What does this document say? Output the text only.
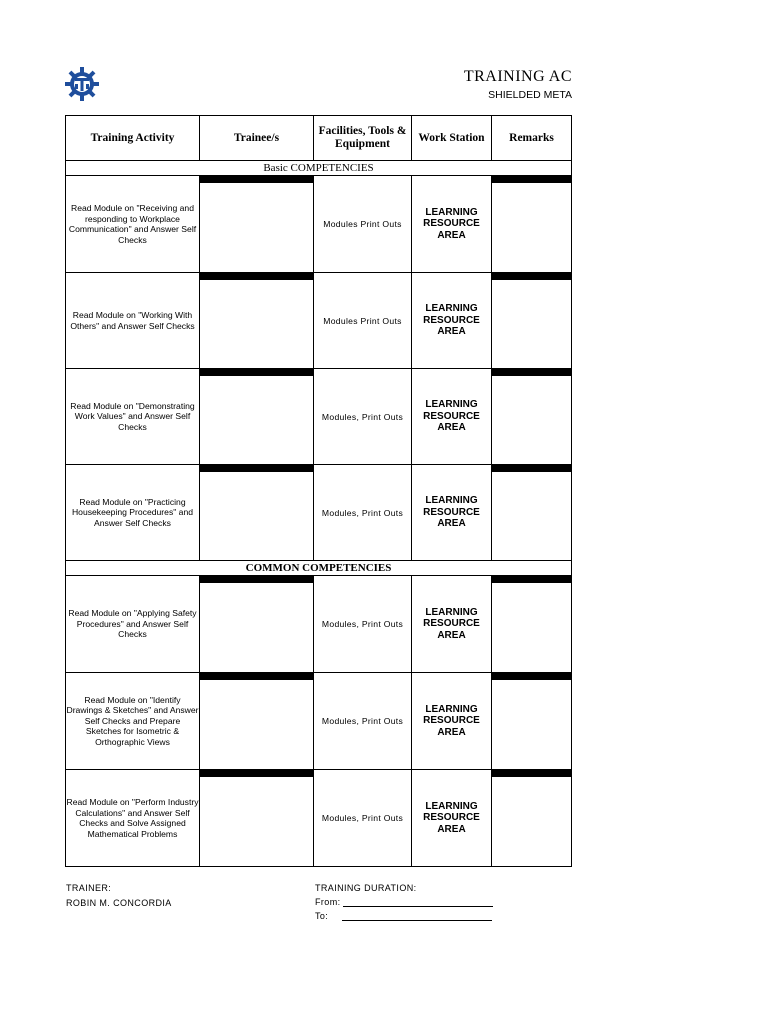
TRAINING AC
SHIELDED META
Training Activity	Trainee/s	Facilities, Tools & Equipment	Work Station	Remarks
Basic COMPETENCIES				
Read Module on "Receiving and responding to Workplace Communication" and Answer Self Checks		Modules Print Outs	LEARNING RESOURCE AREA	

Read Module on "Working With Others" and Answer Self Checks		Modules Print Outs	LEARNING RESOURCE AREA	

Read Module on "Demonstrating Work Values" and Answer Self Checks		Modules, Print Outs	LEARNING RESOURCE AREA	

Read Module on "Practicing Housekeeping Procedures" and Answer Self Checks		Modules, Print Outs	LEARNING RESOURCE AREA	

COMMON COMPETENCIES				
Read Module on "Applying Safety Procedures" and Answer Self Checks		Modules, Print Outs	LEARNING RESOURCE AREA	

Read Module on "Identify Drawings & Sketches" and Answer Self Checks and Prepare Sketches for Isometric & Orthographic Views		Modules, Print Outs	LEARNING RESOURCE AREA	

Read Module on "Perform Industry Calculations" and Answer Self Checks and Solve Assigned Mathematical Problems		Modules, Print Outs	LEARNING RESOURCE AREA	
TRAINER:
ROBIN M. CONCORDIA
TRAINING DURATION:
From:
To:
